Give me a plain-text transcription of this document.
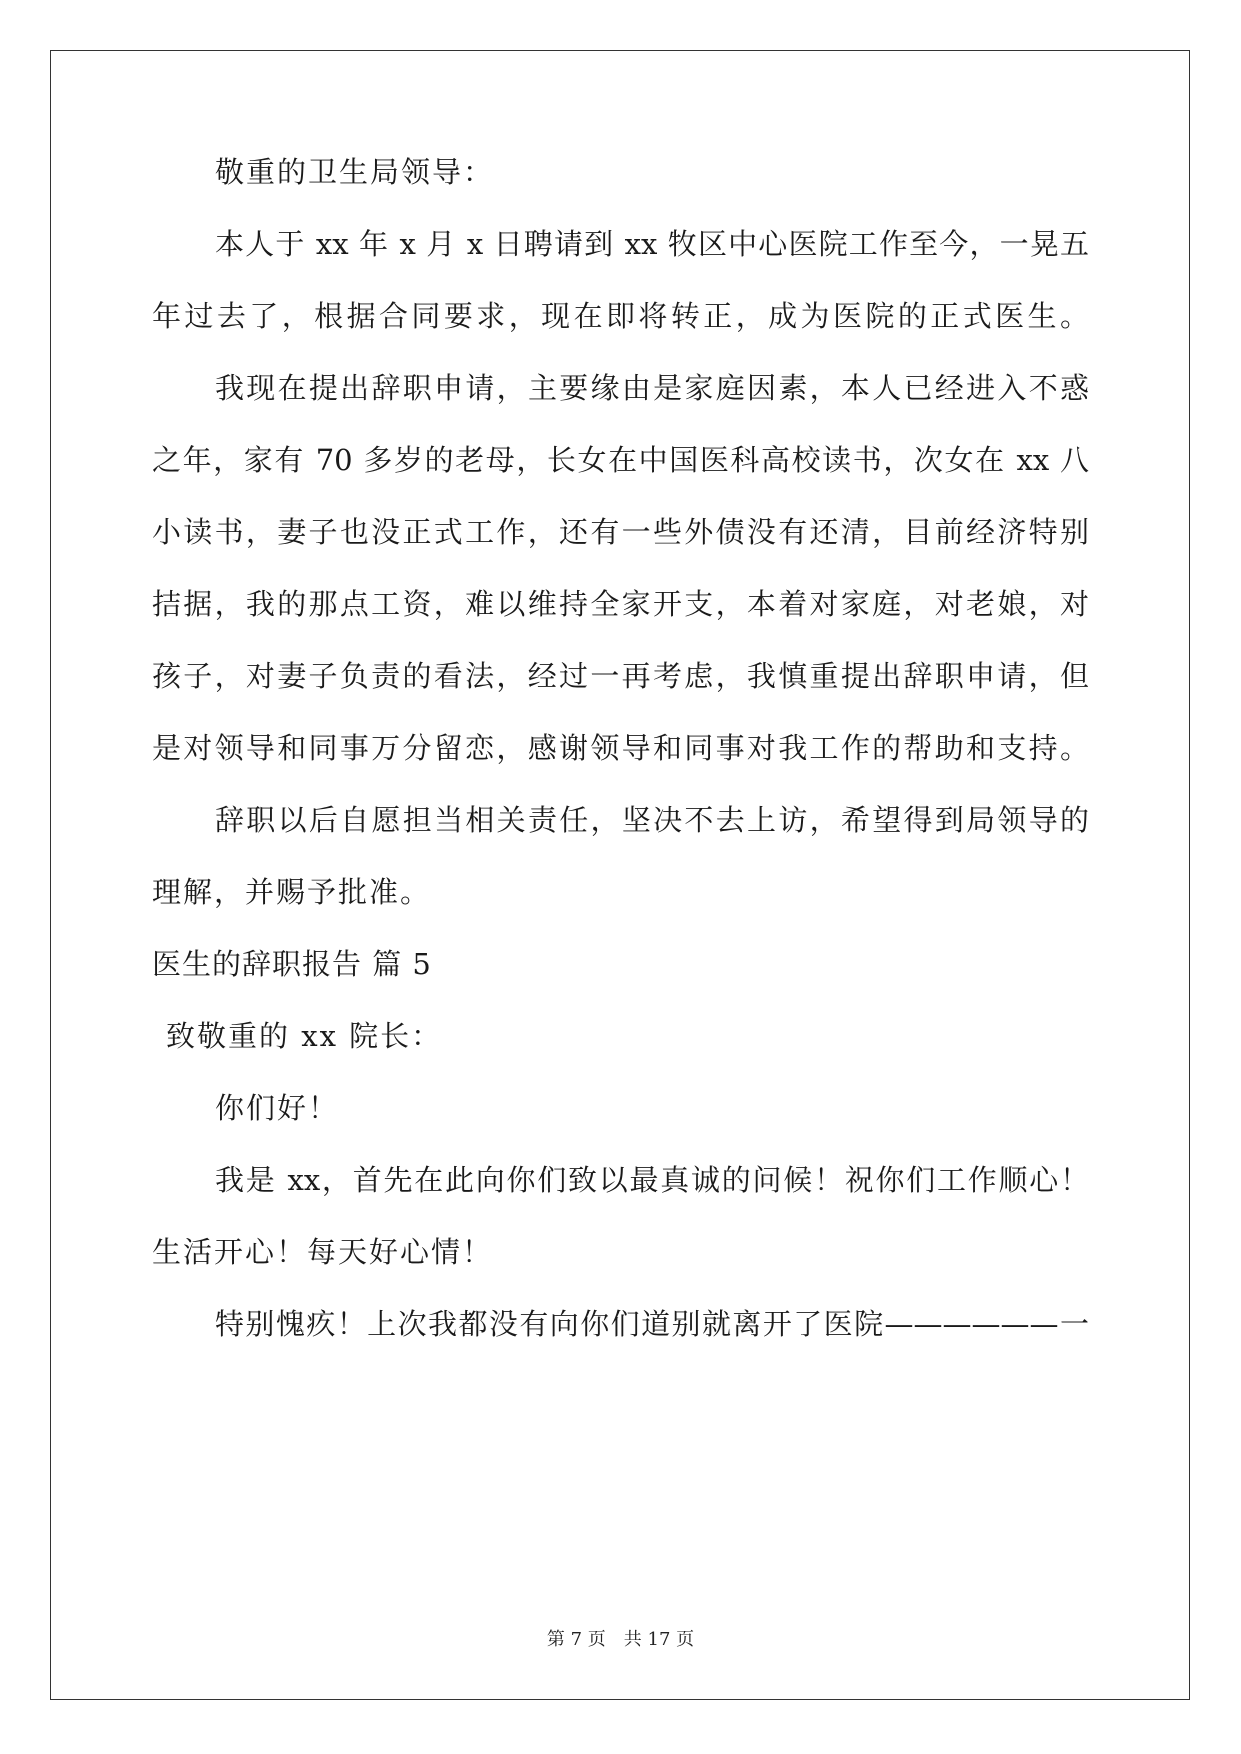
敬重的卫生局领导：
本人于 xx 年 x 月 x 日聘请到 xx 牧区中心医院工作至今，一晃五
年过去了，根据合同要求，现在即将转正，成为医院的正式医生。
我现在提出辞职申请，主要缘由是家庭因素，本人已经进入不惑
之年，家有 70 多岁的老母，长女在中国医科高校读书，次女在 xx 八
小读书，妻子也没正式工作，还有一些外债没有还清，目前经济特别
拮据，我的那点工资，难以维持全家开支，本着对家庭，对老娘，对
孩子，对妻子负责的看法，经过一再考虑，我慎重提出辞职申请，但
是对领导和同事万分留恋，感谢领导和同事对我工作的帮助和支持。
辞职以后自愿担当相关责任，坚决不去上访，希望得到局领导的
理解，并赐予批准。
医生的辞职报告 篇 5
致敬重的 xx 院长：
你们好！
我是 xx，首先在此向你们致以最真诚的问候！祝你们工作顺心！
生活开心！每天好心情！
特别愧疚！上次我都没有向你们道别就离开了医院——————一
第 7 页　共 17 页
